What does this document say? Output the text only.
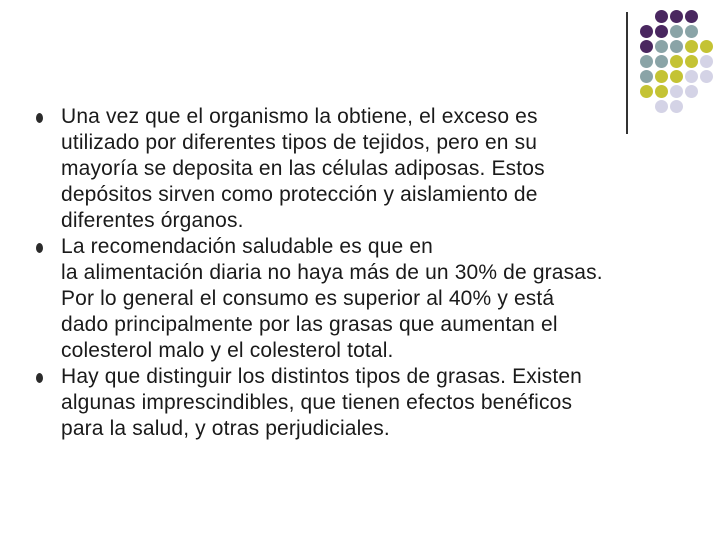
Una vez que el organismo la obtiene, el exceso es
utilizado por diferentes tipos de tejidos, pero en su
mayoría se deposita en las células adiposas. Estos
depósitos sirven como protección y aislamiento de
diferentes órganos.
La recomendación saludable es que en
la alimentación diaria no haya más de un 30% de grasas.
Por lo general el consumo es superior al 40% y está
dado principalmente por las grasas que aumentan el
colesterol malo y el colesterol total.
Hay que distinguir los distintos tipos de grasas. Existen
algunas imprescindibles, que tienen efectos benéficos
para la salud, y otras perjudiciales.
